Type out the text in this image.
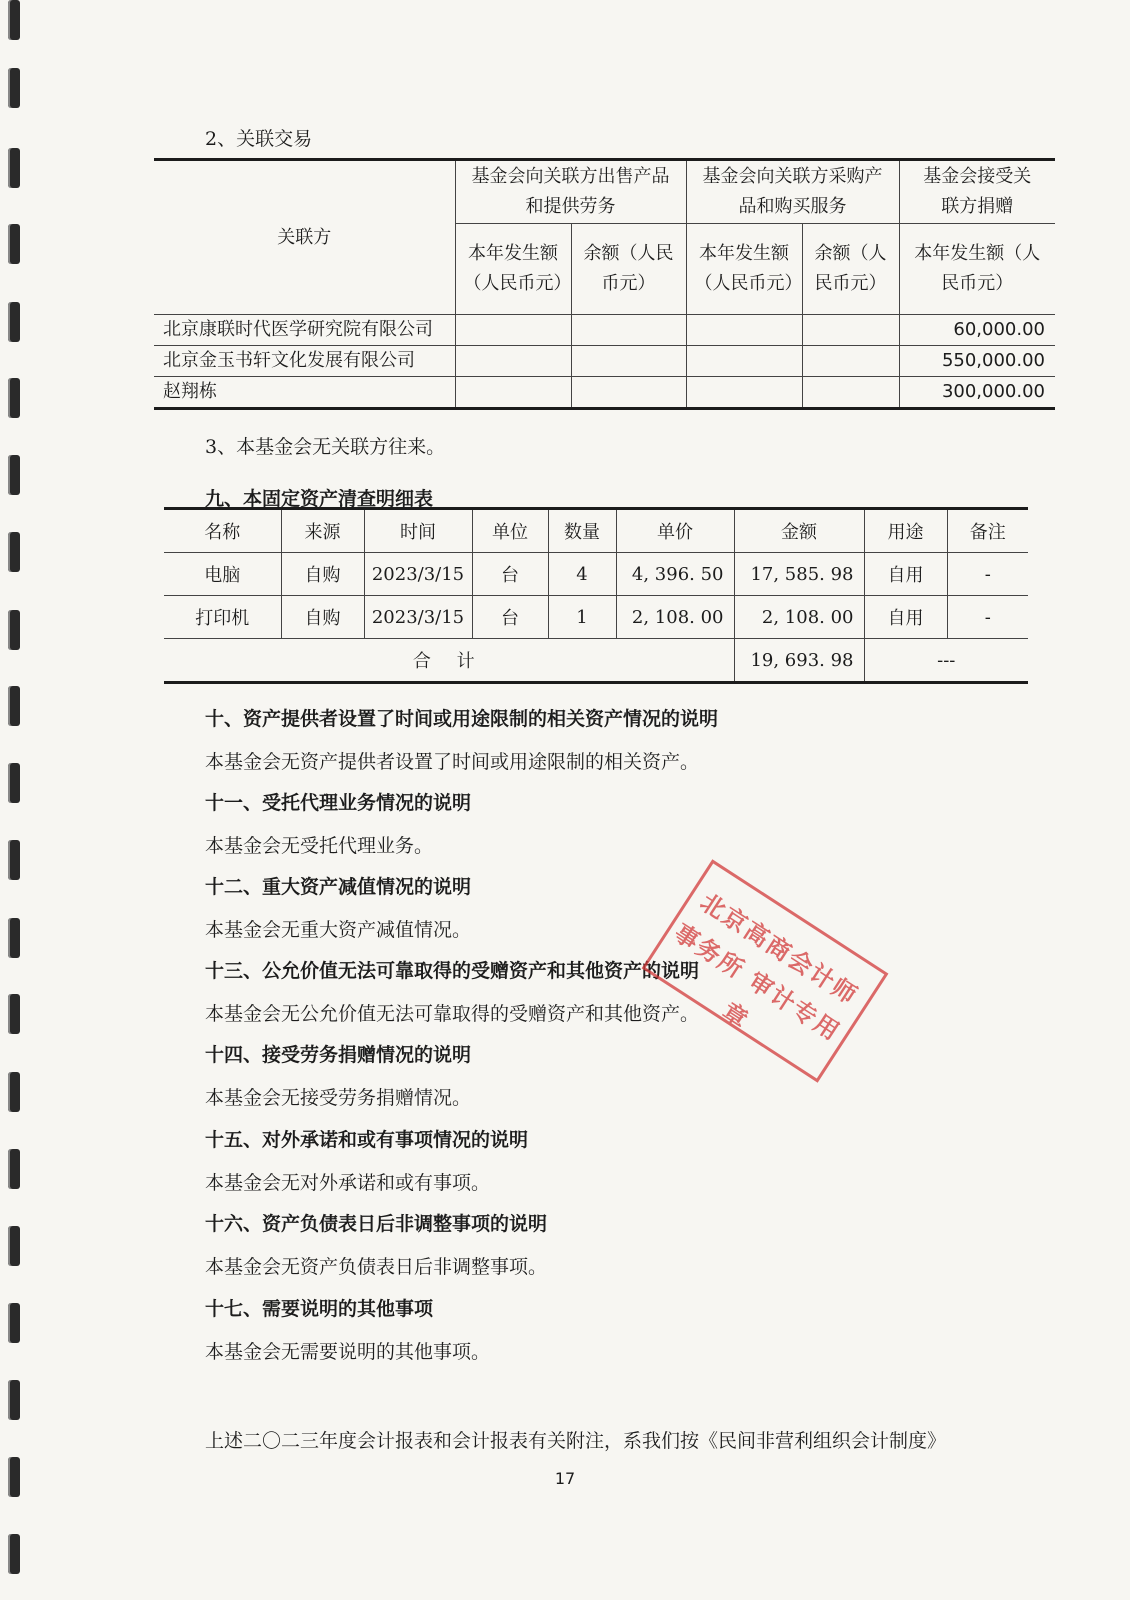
2、关联交易
关联方	基金会向关联方出售产品和提供劳务		基金会向关联方采购产品和购买服务		基金会接受关联方捐赠
	本年发生额（人民币元）	余额（人民币元）	本年发生额（人民币元）	余额（人民币元）	本年发生额（人民币元）
北京康联时代医学研究院有限公司					60,000.00
北京金玉书轩文化发展有限公司					550,000.00
赵翔栋					300,000.00
3、本基金会无关联方往来。
九、本固定资产清查明细表
名称	来源	时间	单位	数量	单价	金额	用途	备注
电脑	自购	2023/3/15	台	4	4, 396. 50	17, 585. 98	自用	-
打印机	自购	2023/3/15	台	1	2, 108. 00	2, 108. 00	自用	-
合 计						19, 693. 98	---	
十、资产提供者设置了时间或用途限制的相关资产情况的说明
本基金会无资产提供者设置了时间或用途限制的相关资产。
十一、受托代理业务情况的说明
本基金会无受托代理业务。
十二、重大资产减值情况的说明
本基金会无重大资产减值情况。
十三、公允价值无法可靠取得的受赠资产和其他资产的说明
本基金会无公允价值无法可靠取得的受赠资产和其他资产。
十四、接受劳务捐赠情况的说明
本基金会无接受劳务捐赠情况。
十五、对外承诺和或有事项情况的说明
本基金会无对外承诺和或有事项。
十六、资产负债表日后非调整事项的说明
本基金会无资产负债表日后非调整事项。
十七、需要说明的其他事项
本基金会无需要说明的其他事项。
上述二〇二三年度会计报表和会计报表有关附注，系我们按《民间非营利组织会计制度》
17
北京高商会计师事务所 审计专用章
